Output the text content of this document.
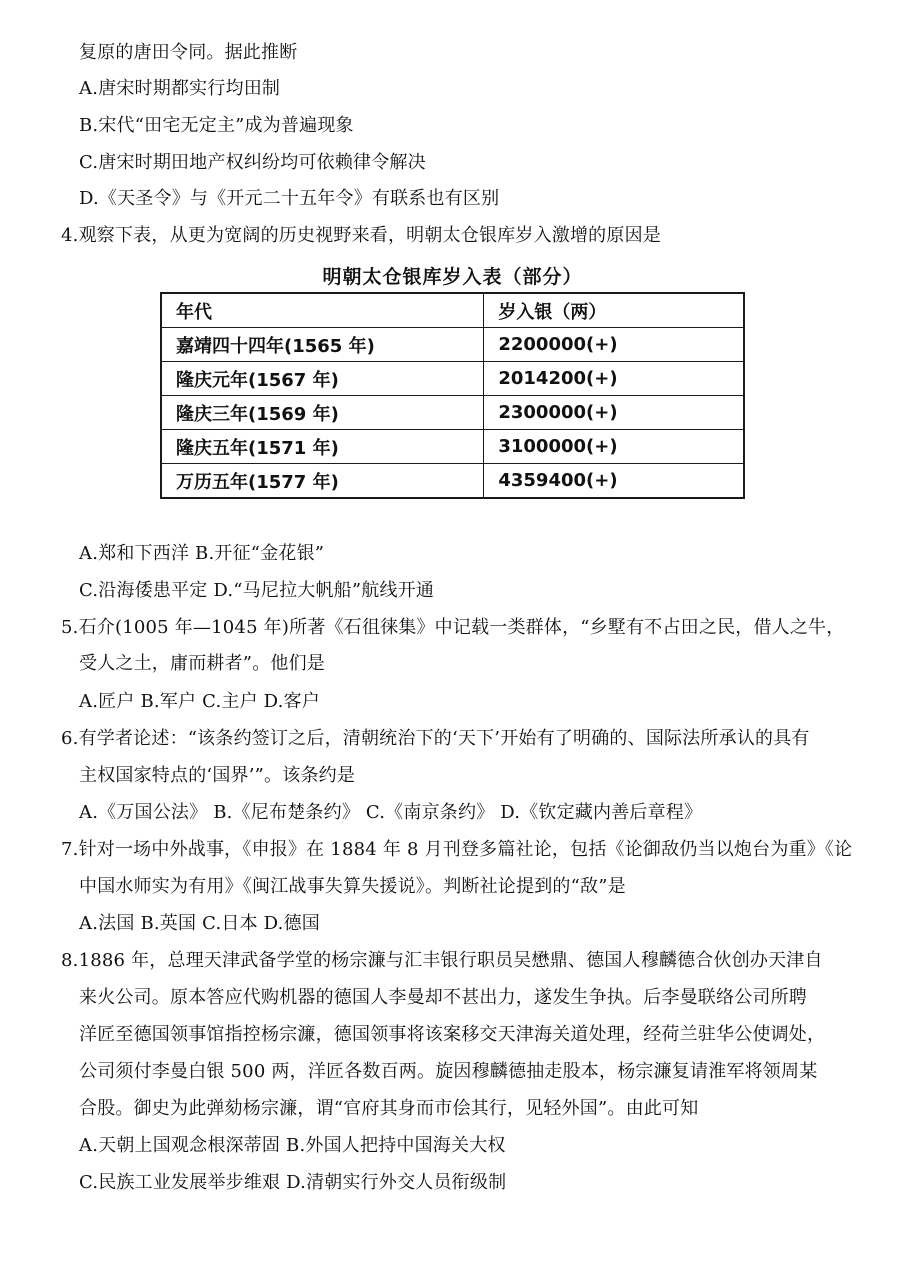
复原的唐田令同。据此推断
A.唐宋时期都实行均田制
B.宋代“田宅无定主”成为普遍现象
C.唐宋时期田地产权纠纷均可依赖律令解决
D.《天圣令》与《开元二十五年令》有联系也有区别
4.观察下表，从更为宽阔的历史视野来看，明朝太仓银库岁入激增的原因是
明朝太仓银库岁入表（部分）
年代	岁入银（两）
嘉靖四十四年(1565 年)	2200000(+)
隆庆元年(1567 年)	2014200(+)
隆庆三年(1569 年)	2300000(+)
隆庆五年(1571 年)	3100000(+)
万历五年(1577 年)	4359400(+)
A.郑和下西洋 B.开征“金花银”
C.沿海倭患平定 D.“马尼拉大帆船”航线开通
5.石介(1005 年—1045 年)所著《石徂徕集》中记载一类群体，“乡墅有不占田之民，借人之牛，
受人之土，庸而耕者”。他们是
A.匠户 B.军户 C.主户 D.客户
6.有学者论述：“该条约签订之后，清朝统治下的‘天下’开始有了明确的、国际法所承认的具有
主权国家特点的‘国界’”。该条约是
A.《万国公法》 B.《尼布楚条约》 C.《南京条约》 D.《钦定藏内善后章程》
7.针对一场中外战事，《申报》在 1884 年 8 月刊登多篇社论，包括《论御敌仍当以炮台为重》《论
中国水师实为有用》《闽江战事失算失援说》。判断社论提到的“敌”是
A.法国 B.英国 C.日本 D.德国
8.1886 年，总理天津武备学堂的杨宗濂与汇丰银行职员吴懋鼎、德国人穆麟德合伙创办天津自
来火公司。原本答应代购机器的德国人李曼却不甚出力，遂发生争执。后李曼联络公司所聘
洋匠至德国领事馆指控杨宗濂，德国领事将该案移交天津海关道处理，经荷兰驻华公使调处，
公司须付李曼白银 500 两，洋匠各数百两。旋因穆麟德抽走股本，杨宗濂复请淮军将领周某
合股。御史为此弹劾杨宗濂，谓“官府其身而市侩其行，见轻外国”。由此可知
A.天朝上国观念根深蒂固 B.外国人把持中国海关大权
C.民族工业发展举步维艰 D.清朝实行外交人员衔级制
